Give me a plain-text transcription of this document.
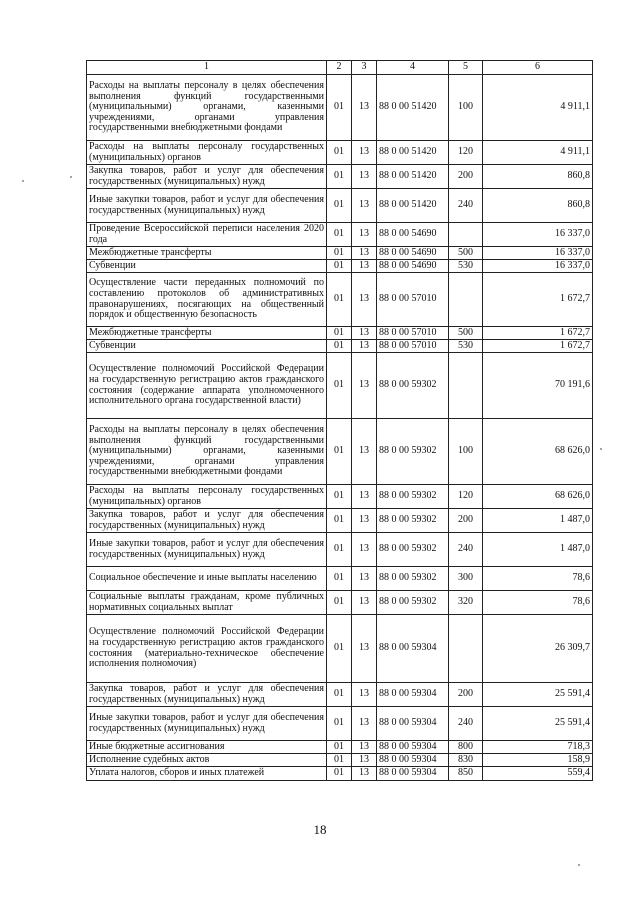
1	2	3	4	5	6
Расходы на выплаты персоналу в целях обеспечения выполнения функций государственными (муниципальными) органами, казенными учреждениями, органами управления государственными внебюджетными фондами	01	13	88 0 00 51420	100	4 911,1
Расходы на выплаты персоналу государственных (муниципальных) органов	01	13	88 0 00 51420	120	4 911,1
Закупка товаров, работ и услуг для обеспечения государственных (муниципальных) нужд	01	13	88 0 00 51420	200	860,8
Иные закупки товаров, работ и услуг для обеспечения государственных (муниципальных) нужд	01	13	88 0 00 51420	240	860,8
Проведение Всероссийской переписи населения 2020 года	01	13	88 0 00 54690		16 337,0
Межбюджетные трансферты	01	13	88 0 00 54690	500	16 337,0
Субвенции	01	13	88 0 00 54690	530	16 337,0
Осуществление части переданных полномочий по составлению протоколов об административных правонарушениях, посягающих на общественный порядок и общественную безопасность	01	13	88 0 00 57010		1 672,7
Межбюджетные трансферты	01	13	88 0 00 57010	500	1 672,7
Субвенции	01	13	88 0 00 57010	530	1 672,7
Осуществление полномочий Российской Федерации на государственную регистрацию актов гражданского состояния (содержание аппарата уполномоченного исполнительного органа государственной власти)	01	13	88 0 00 59302		70 191,6
Расходы на выплаты персоналу в целях обеспечения выполнения функций государственными (муниципальными) органами, казенными учреждениями, органами управления государственными внебюджетными фондами	01	13	88 0 00 59302	100	68 626,0
Расходы на выплаты персоналу государственных (муниципальных) органов	01	13	88 0 00 59302	120	68 626,0
Закупка товаров, работ и услуг для обеспечения государственных (муниципальных) нужд	01	13	88 0 00 59302	200	1 487,0
Иные закупки товаров, работ и услуг для обеспечения государственных (муниципальных) нужд	01	13	88 0 00 59302	240	1 487,0
Социальное обеспечение и иные выплаты населению	01	13	88 0 00 59302	300	78,6
Социальные выплаты гражданам, кроме публичных нормативных социальных выплат	01	13	88 0 00 59302	320	78,6
Осуществление полномочий Российской Федерации на государственную регистрацию актов гражданского состояния (материально-техническое обеспечение исполнения полномочия)	01	13	88 0 00 59304		26 309,7
Закупка товаров, работ и услуг для обеспечения государственных (муниципальных) нужд	01	13	88 0 00 59304	200	25 591,4
Иные закупки товаров, работ и услуг для обеспечения государственных (муниципальных) нужд	01	13	88 0 00 59304	240	25 591,4
Иные бюджетные ассигнования	01	13	88 0 00 59304	800	718,3
Исполнение судебных актов	01	13	88 0 00 59304	830	158,9
Уплата налогов, сборов и иных платежей	01	13	88 0 00 59304	850	559,4
18
